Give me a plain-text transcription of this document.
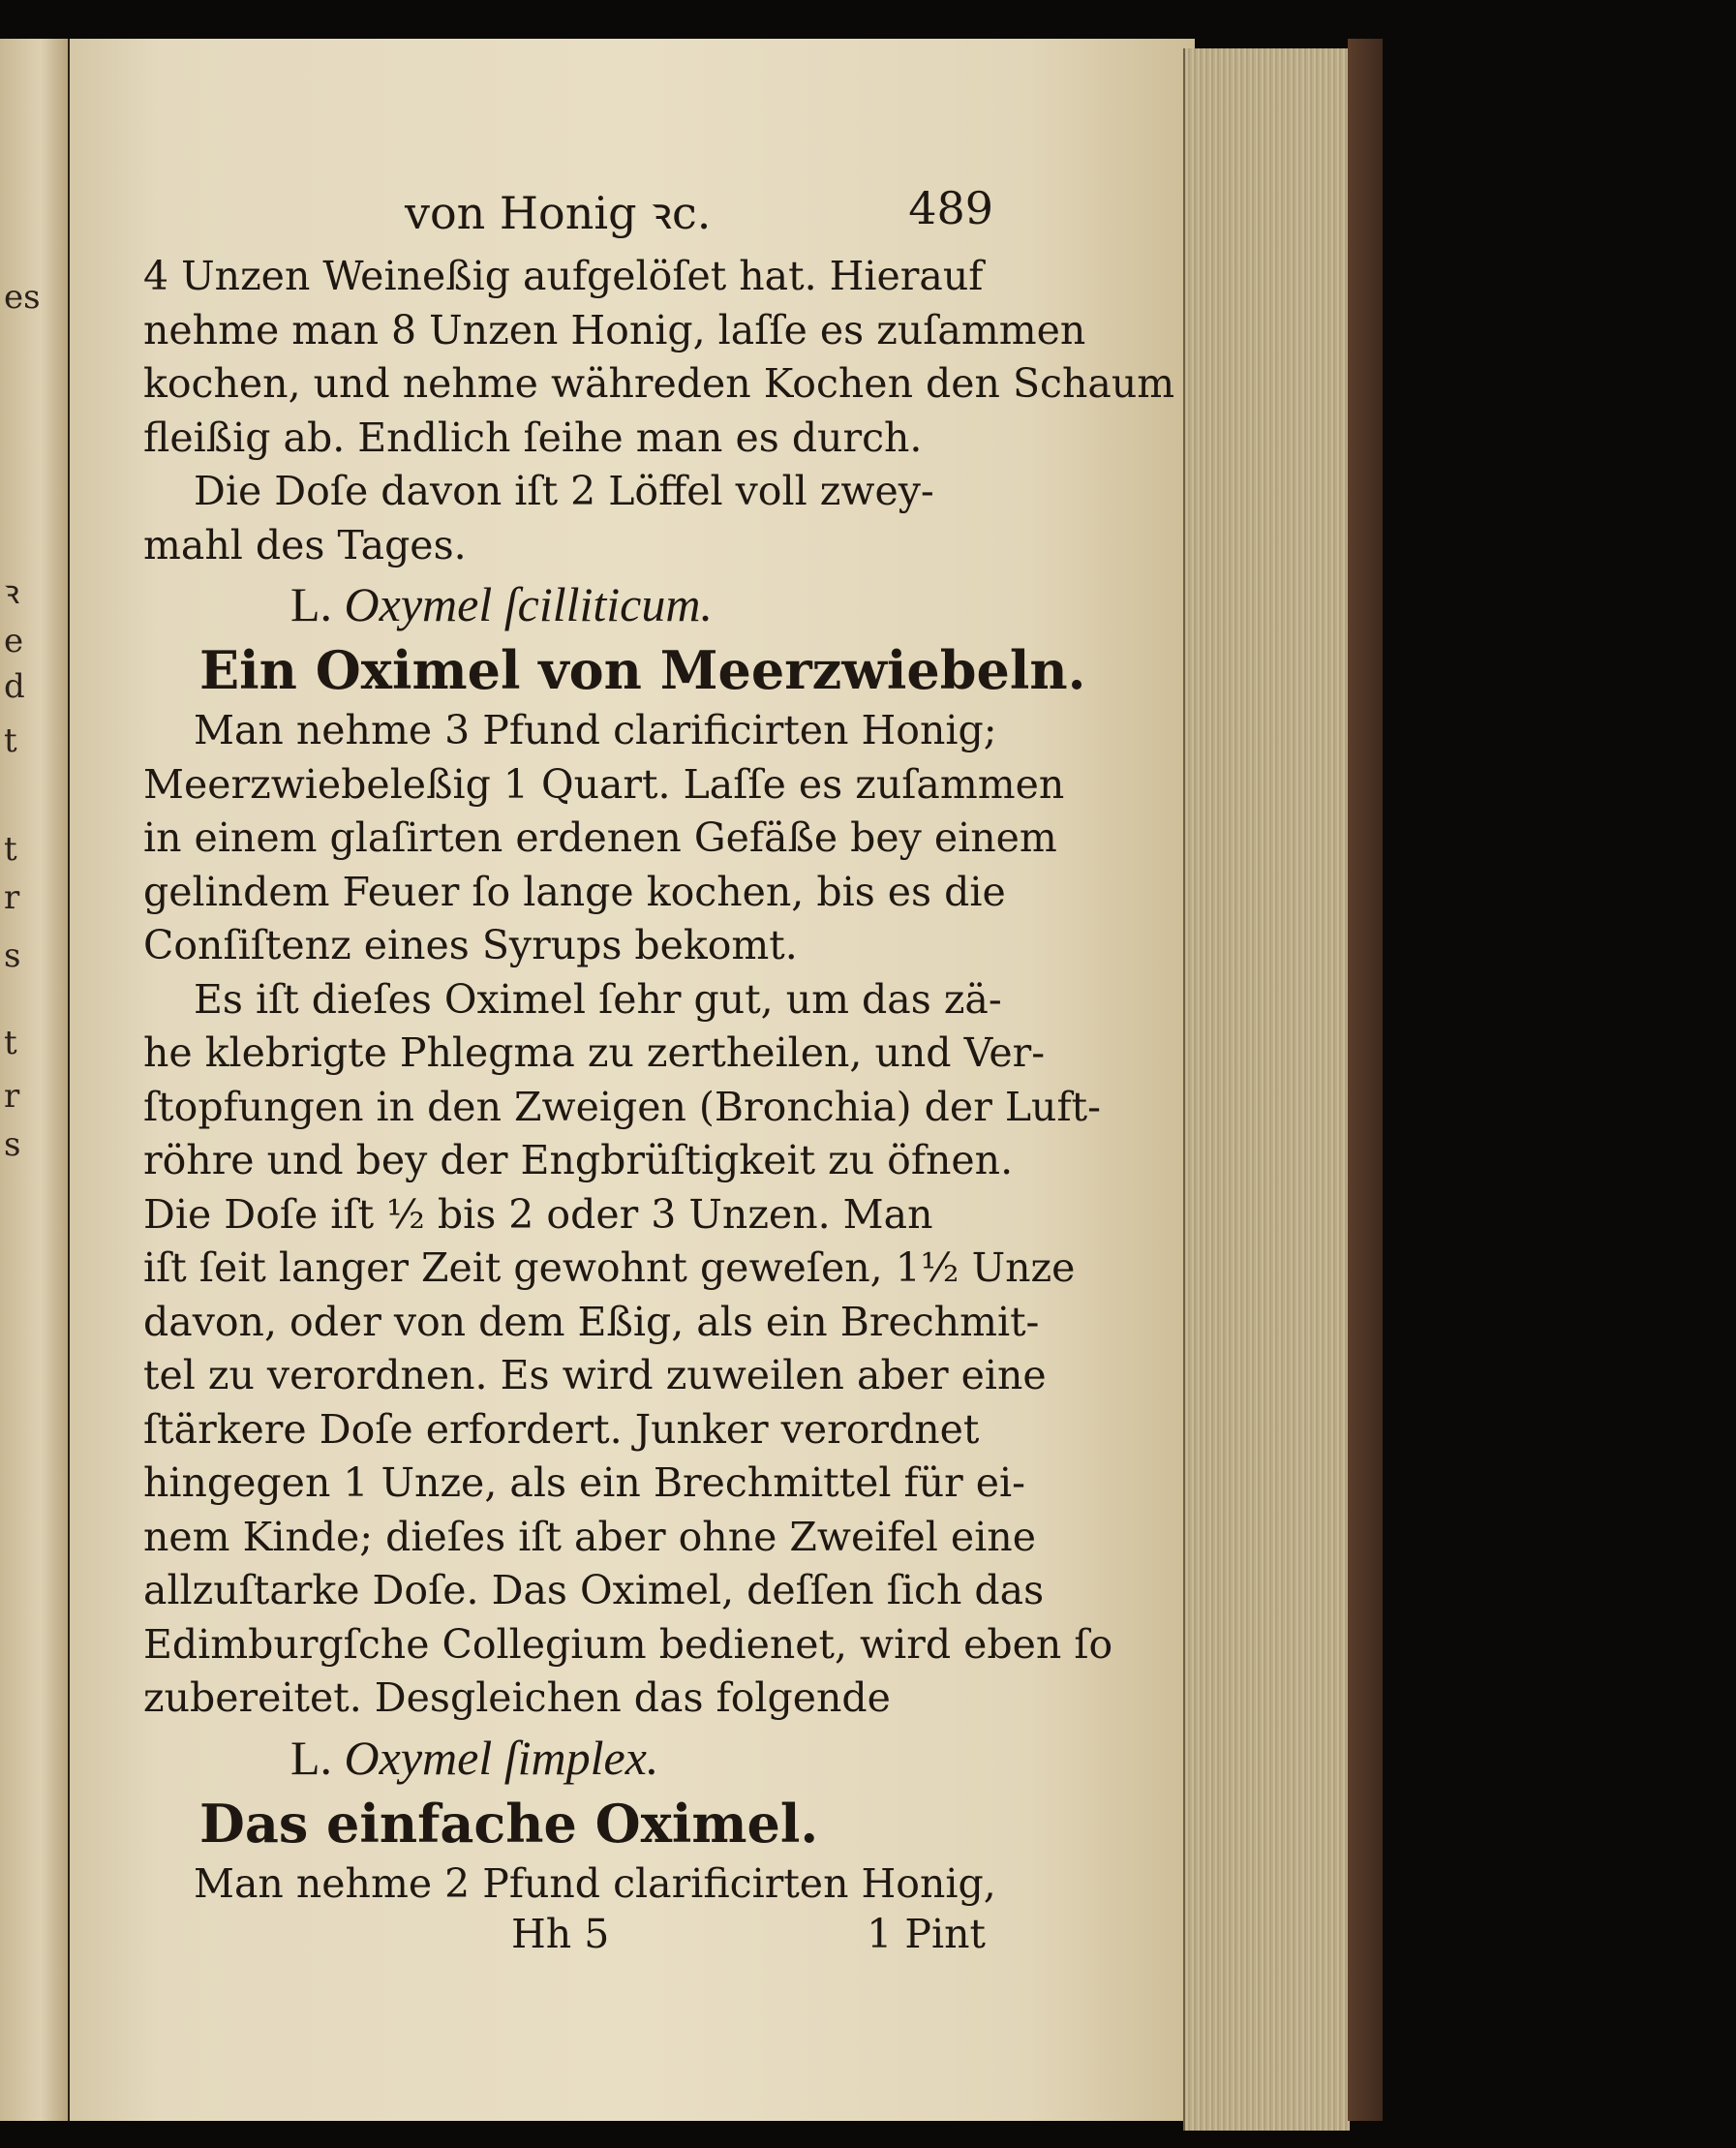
es
ꝛ
e
d
t
t
r
s
t
r
s
von Honig ꝛc.	489
4 Unzen Weineßig aufgelöſet hat. Hierauf
nehme man 8 Unzen Honig, laſſe es zuſammen
kochen, und nehme währeden Kochen den Schaum
fleißig ab. Endlich ſeihe man es durch.
Die Doſe davon iſt 2 Löffel voll zwey-
mahl des Tages.
L. Oxymel ſcilliticum.
Ein Oximel von Meerzwiebeln.
Man nehme 3 Pfund clarificirten Honig;
Meerzwiebeleßig 1 Quart. Laſſe es zuſammen
in einem glaſirten erdenen Gefäße bey einem
gelindem Feuer ſo lange kochen, bis es die
Conſiſtenz eines Syrups bekomt.
Es iſt dieſes Oximel ſehr gut, um das zä-
he klebrigte Phlegma zu zertheilen, und Ver-
ſtopfungen in den Zweigen (Bronchia) der Luft-
röhre und bey der Engbrüſtigkeit zu öfnen.
Die Doſe iſt ½ bis 2 oder 3 Unzen. Man
iſt ſeit langer Zeit gewohnt geweſen, 1½ Unze
davon, oder von dem Eßig, als ein Brechmit-
tel zu verordnen. Es wird zuweilen aber eine
ſtärkere Doſe erfordert. Junker verordnet
hingegen 1 Unze, als ein Brechmittel für ei-
nem Kinde; dieſes iſt aber ohne Zweifel eine
allzuſtarke Doſe. Das Oximel, deſſen ſich das
Edimburgſche Collegium bedienet, wird eben ſo
zubereitet. Desgleichen das folgende
L. Oxymel ſimplex.
Das einfache Oximel.
Man nehme 2 Pfund clarificirten Honig,
Hh 5	1 Pint
